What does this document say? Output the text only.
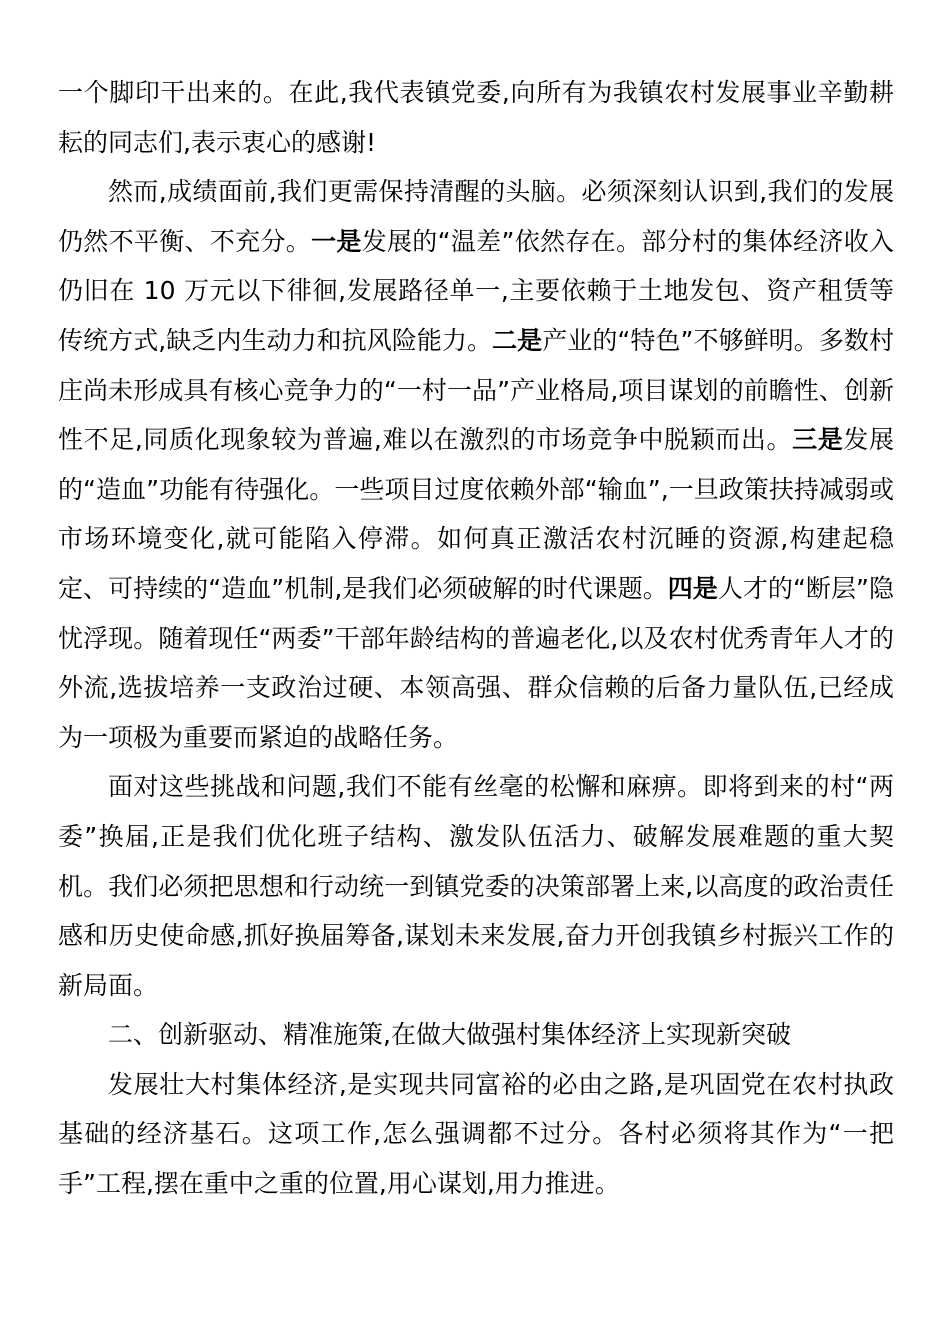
一个脚印干出来的。在此,我代表镇党委,向所有为我镇农村发展事业辛勤耕耘的同志们,表示衷心的感谢!

然而,成绩面前,我们更需保持清醒的头脑。必须深刻认识到,我们的发展仍然不平衡、不充分。一是发展的“温差”依然存在。部分村的集体经济收入仍旧在 10 万元以下徘徊,发展路径单一,主要依赖于土地发包、资产租赁等传统方式,缺乏内生动力和抗风险能力。二是产业的“特色”不够鲜明。多数村庄尚未形成具有核心竞争力的“一村一品”产业格局,项目谋划的前瞻性、创新性不足,同质化现象较为普遍,难以在激烈的市场竞争中脱颖而出。三是发展的“造血”功能有待强化。一些项目过度依赖外部“输血”,一旦政策扶持减弱或市场环境变化,就可能陷入停滞。如何真正激活农村沉睡的资源,构建起稳定、可持续的“造血”机制,是我们必须破解的时代课题。四是人才的“断层”隐忧浮现。随着现任“两委”干部年龄结构的普遍老化,以及农村优秀青年人才的外流,选拔培养一支政治过硬、本领高强、群众信赖的后备力量队伍,已经成为一项极为重要而紧迫的战略任务。

面对这些挑战和问题,我们不能有丝毫的松懈和麻痹。即将到来的村“两委”换届,正是我们优化班子结构、激发队伍活力、破解发展难题的重大契机。我们必须把思想和行动统一到镇党委的决策部署上来,以高度的政治责任感和历史使命感,抓好换届筹备,谋划未来发展,奋力开创我镇乡村振兴工作的新局面。

二、创新驱动、精准施策,在做大做强村集体经济上实现新突破

发展壮大村集体经济,是实现共同富裕的必由之路,是巩固党在农村执政基础的经济基石。这项工作,怎么强调都不过分。各村必须将其作为“一把手”工程,摆在重中之重的位置,用心谋划,用力推进。
